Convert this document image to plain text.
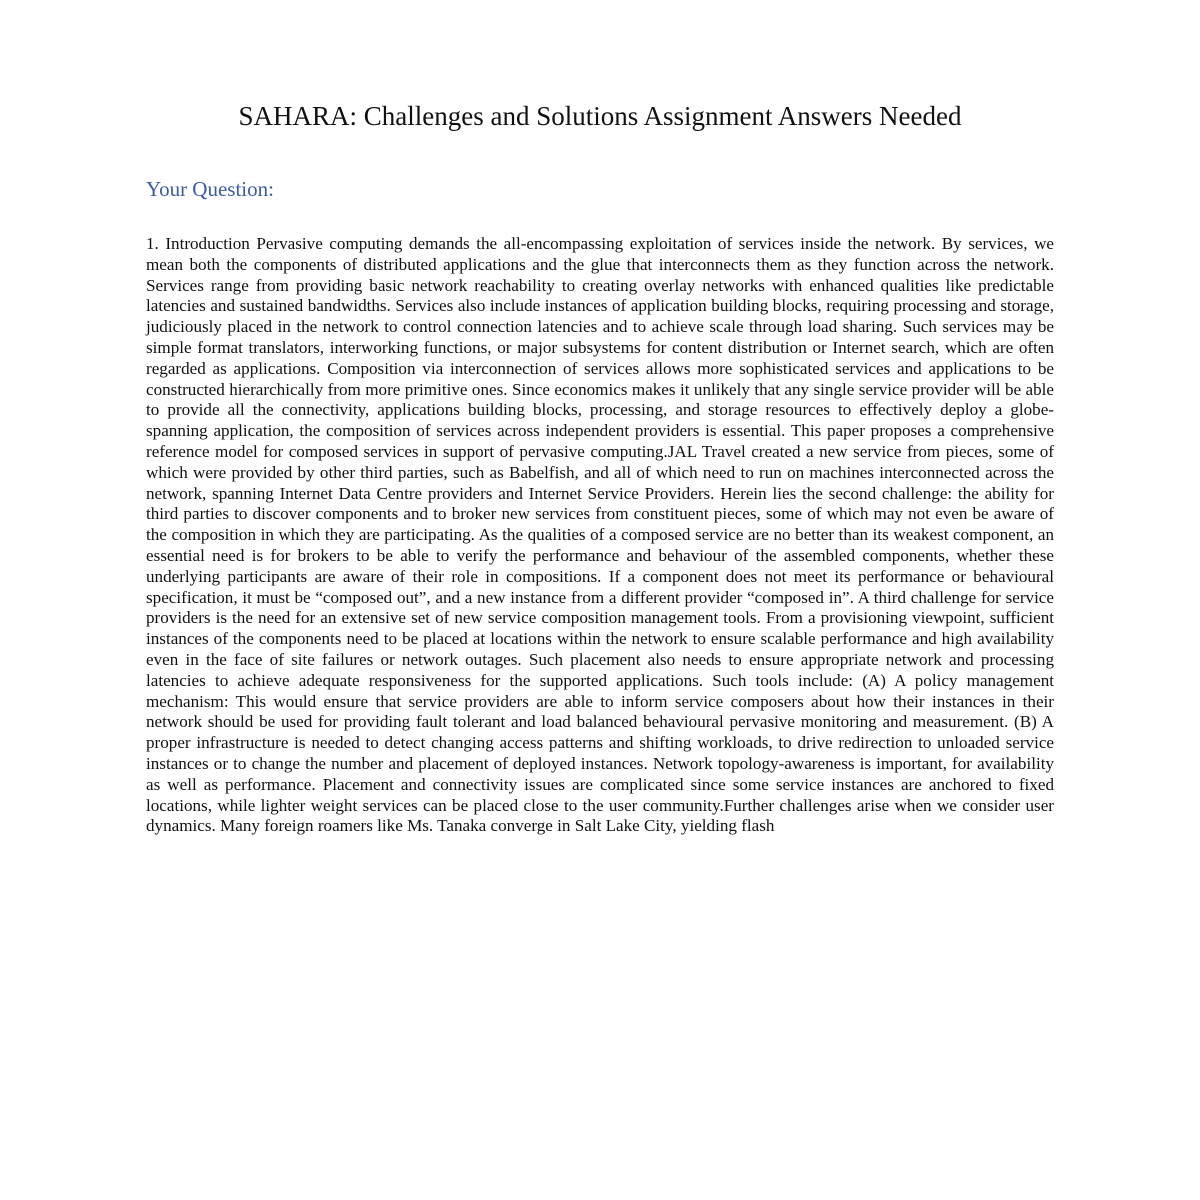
SAHARA: Challenges and Solutions Assignment Answers Needed
Your Question:

1. Introduction Pervasive computing demands the all-encompassing exploitation of services inside the network. By services, we mean both the components of distributed applications and the glue that interconnects them as they function across the network. Services range from providing basic network reachability to creating overlay networks with enhanced qualities like predictable latencies and sustained bandwidths. Services also include instances of application building blocks, requiring processing and storage, judiciously placed in the network to control connection latencies and to achieve scale through load sharing. Such services may be simple format translators, interworking functions, or major subsystems for content distribution or Internet search, which are often regarded as applications. Composition via interconnection of services allows more sophisticated services and applications to be constructed hierarchically from more primitive ones. Since economics makes it unlikely that any single service provider will be able to provide all the connectivity, applications building blocks, processing, and storage resources to effectively deploy a globe-spanning application, the composition of services across independent providers is essential. This paper proposes a comprehensive reference model for composed services in support of pervasive computing.JAL Travel created a new service from pieces, some of which were provided by other third parties, such as Babelfish, and all of which need to run on machines interconnected across the network, spanning Internet Data Centre providers and Internet Service Providers. Herein lies the second challenge: the ability for third parties to discover components and to broker new services from constituent pieces, some of which may not even be aware of the composition in which they are participating. As the qualities of a composed service are no better than its weakest component, an essential need is for brokers to be able to verify the performance and behaviour of the assembled components, whether these underlying participants are aware of their role in compositions. If a component does not meet its performance or behavioural specification, it must be “composed out”, and a new instance from a different provider “composed in”. A third challenge for service providers is the need for an extensive set of new service composition management tools. From a provisioning viewpoint, sufficient instances of the components need to be placed at locations within the network to ensure scalable performance and high availability even in the face of site failures or network outages. Such placement also needs to ensure appropriate network and processing latencies to achieve adequate responsiveness for the supported applications. Such tools include: (A) A policy management mechanism: This would ensure that service providers are able to inform service composers about how their instances in their network should be used for providing fault tolerant and load balanced behavioural pervasive monitoring and measurement. (B) A proper infrastructure is needed to detect changing access patterns and shifting workloads, to drive redirection to unloaded service instances or to change the number and placement of deployed instances. Network topology-awareness is important, for availability as well as performance. Placement and connectivity issues are complicated since some service instances are anchored to fixed locations, while lighter weight services can be placed close to the user community.Further challenges arise when we consider user dynamics. Many foreign roamers like Ms. Tanaka converge in Salt Lake City, yielding flash
